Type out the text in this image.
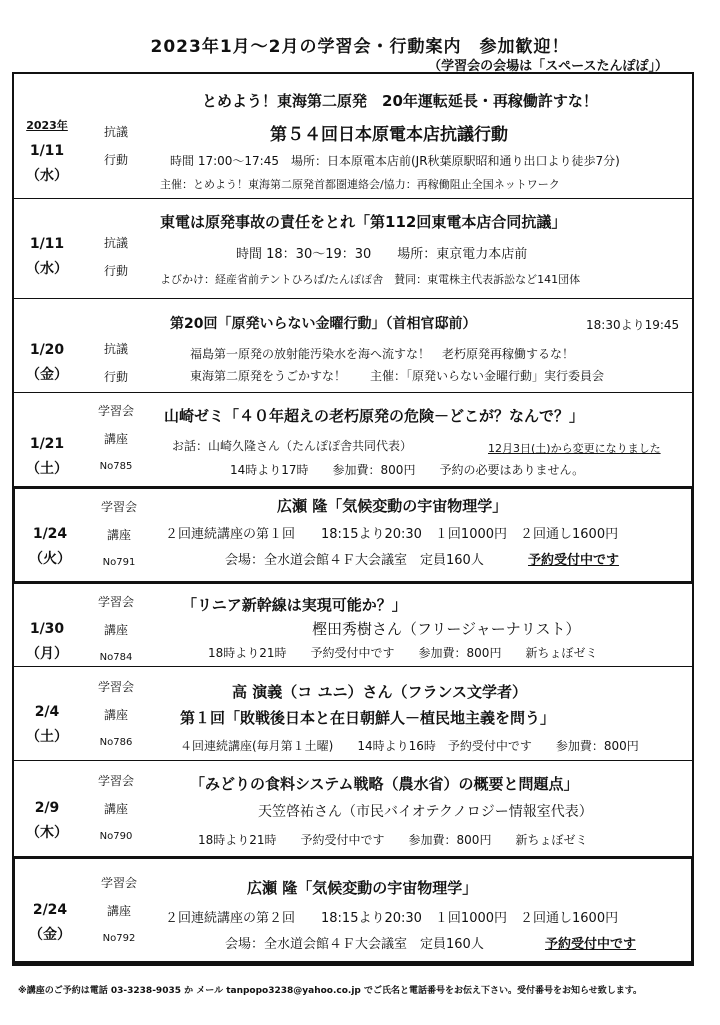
2023年1月～2月の学習会・行動案内　参加歓迎！
（学習会の会場は「スペースたんぽぽ」）
2023年
1/11
（水）
抗議
行動
とめよう！東海第二原発　20年運転延長・再稼働許すな！
第５４回日本原電本店抗議行動
時間 17:00～17:45　場所：日本原電本店前(JR秋葉原駅昭和通り出口より徒歩7分)
主催：とめよう！東海第二原発首都圏連絡会/協力：再稼働阻止全国ネットワーク
1/11
（水）
抗議
行動
東電は原発事故の責任をとれ「第112回東電本店合同抗議」
時間 18：30～19：30　　場所：東京電力本店前
よびかけ：経産省前テントひろば/たんぽぽ舎　賛同：東電株主代表訴訟など141団体
1/20
（金）
抗議
行動
第20回「原発いらない金曜行動」（首相官邸前）	18:30より19:45
福島第一原発の放射能汚染水を海へ流すな！　老朽原発再稼働するな！
東海第二原発をうごかすな！　　主催：「原発いらない金曜行動」実行委員会
1/21
（土）
学習会
講座
No785
山崎ゼミ「４０年超えの老朽原発の危険－どこが？なんで？」
お話：山崎久隆さん（たんぽぽ舎共同代表）	12月3日(土)から変更になりました
14時より17時　　参加費：800円　　予約の必要はありません。
1/24
（火）
学習会
講座
No791
広瀬 隆「気候変動の宇宙物理学」
２回連続講座の第１回　　18:15より20:30　１回1000円　２回通し1600円
会場：全水道会館４Ｆ大会議室　定員160人	予約受付中です
1/30
（月）
学習会
講座
No784
「リニア新幹線は実現可能か？」
樫田秀樹さん（フリージャーナリスト）
18時より21時　　予約受付中です　　参加費：800円　　新ちょぼゼミ
2/4
（土）
学習会
講座
No786
高 演義（コ ユニ）さん（フランス文学者）
第１回「敗戦後日本と在日朝鮮人－植民地主義を問う」
４回連続講座(毎月第１土曜)　　14時より16時　予約受付中です　　参加費：800円
2/9
（木）
学習会
講座
No790
「みどりの食料システム戦略（農水省）の概要と問題点」
天笠啓祐さん（市民バイオテクノロジー情報室代表）
18時より21時　　予約受付中です　　参加費：800円　　新ちょぼゼミ
2/24
（金）
学習会
講座
No792
広瀬 隆「気候変動の宇宙物理学」
２回連続講座の第２回　　18:15より20:30　１回1000円　２回通し1600円
会場：全水道会館４Ｆ大会議室　定員160人	予約受付中です
※講座のご予約は電話 03-3238-9035 か メール tanpopo3238@yahoo.co.jp でご氏名と電話番号をお伝え下さい。受付番号をお知らせ致します。
